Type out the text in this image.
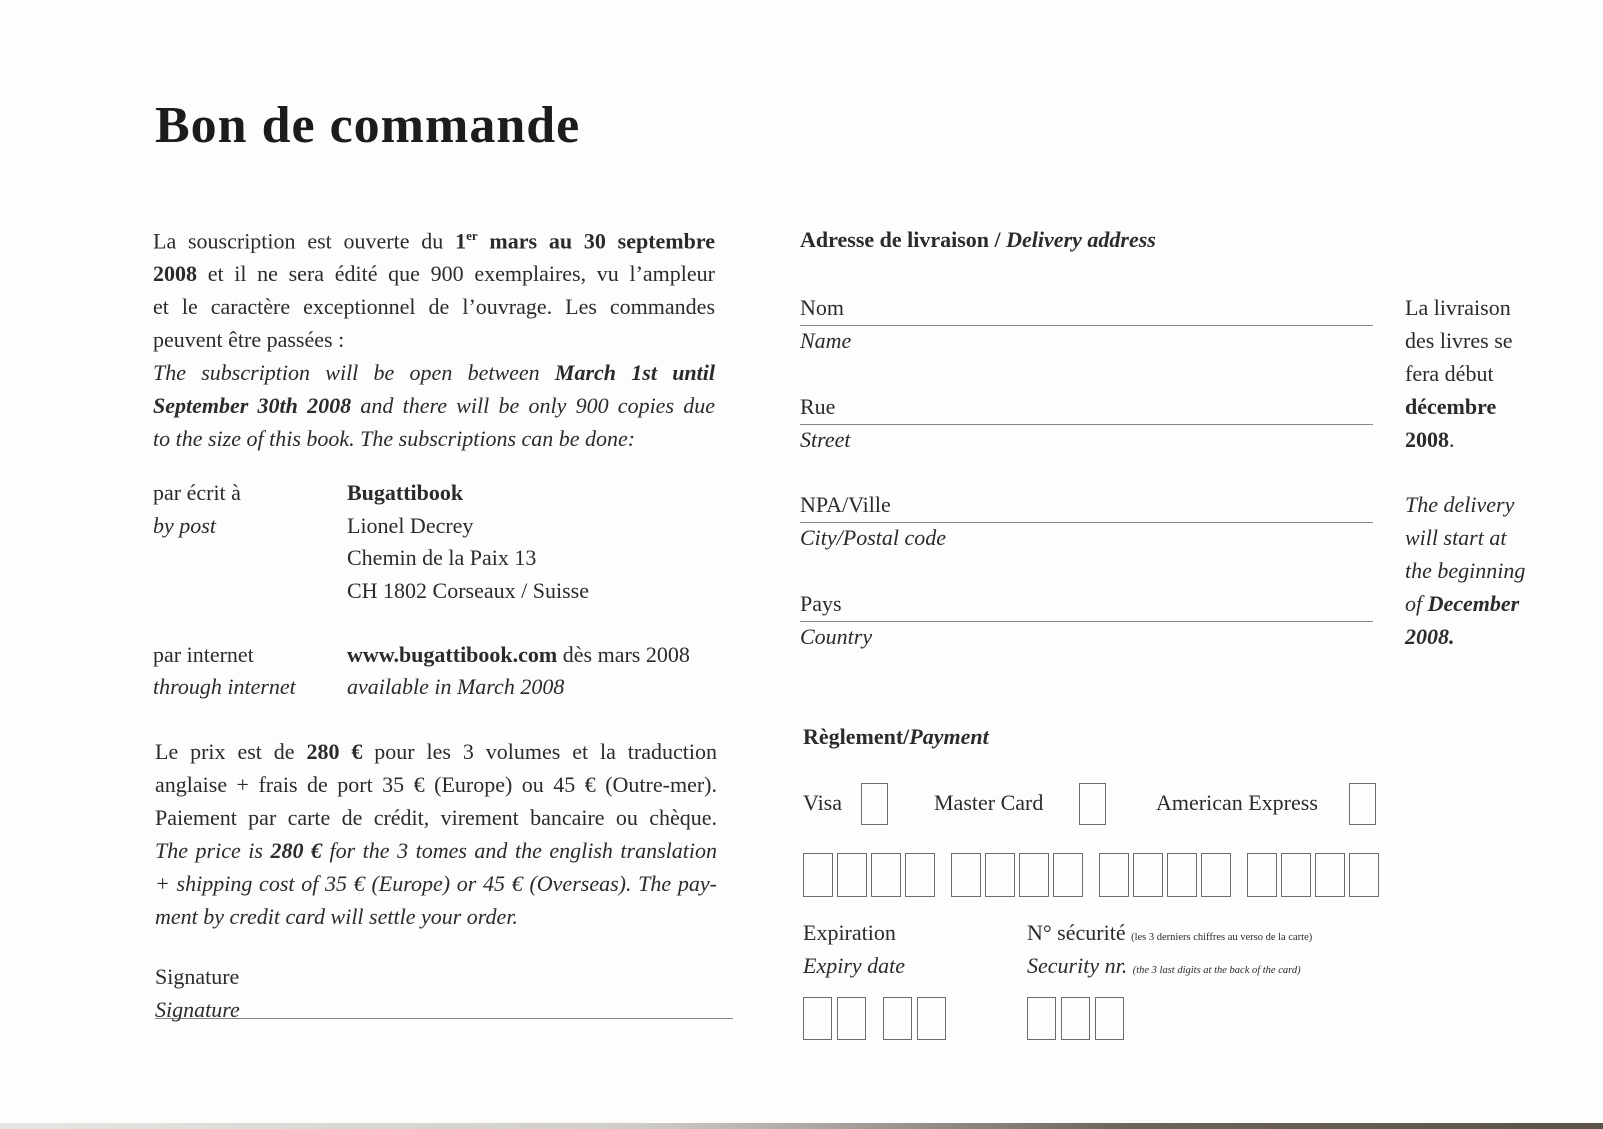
Bon de commande

La souscription est ouverte du 1er mars au 30 septembre

2008 et il ne sera édité que 900 exemplaires, vu l’ampleur

et le caractère exceptionnel de l’ouvrage. Les commandes

peuvent être passées :

The subscription will be open between March 1st until

September 30th 2008 and there will be only 900 copies due

to the size of this book. The subscriptions can be done:

par écrit à
by post
Bugattibook
Lionel Decrey
Chemin de la Paix 13
CH 1802 Corseaux / Suisse
par internet
through internet
www.bugattibook.com dès mars 2008
available in March 2008

Le prix est de 280 € pour les 3 volumes et la traduction

anglaise + frais de port 35 € (Europe) ou 45 € (Outre-mer).

Paiement par carte de crédit, virement bancaire ou chèque.

The price is 280 € for the 3 tomes and the english translation

+ shipping cost of 35 € (Europe) or 45 € (Overseas). The pay-

ment by credit card will settle your order.

Signature
Signature
Adresse de livraison / Delivery address
Nom
Name
Rue
Street
NPA/Ville
City/Postal code
Pays
Country
La livraison
des livres se
fera début
décembre
2008.
The delivery
will start at
the beginning
of December
2008.
Règlement/Payment
Visa	Master Card	American Express
Expiration
Expiry date
N° sécurité (les 3 derniers chiffres au verso de la carte)
Security nr. (the 3 last digits at the back of the card)
